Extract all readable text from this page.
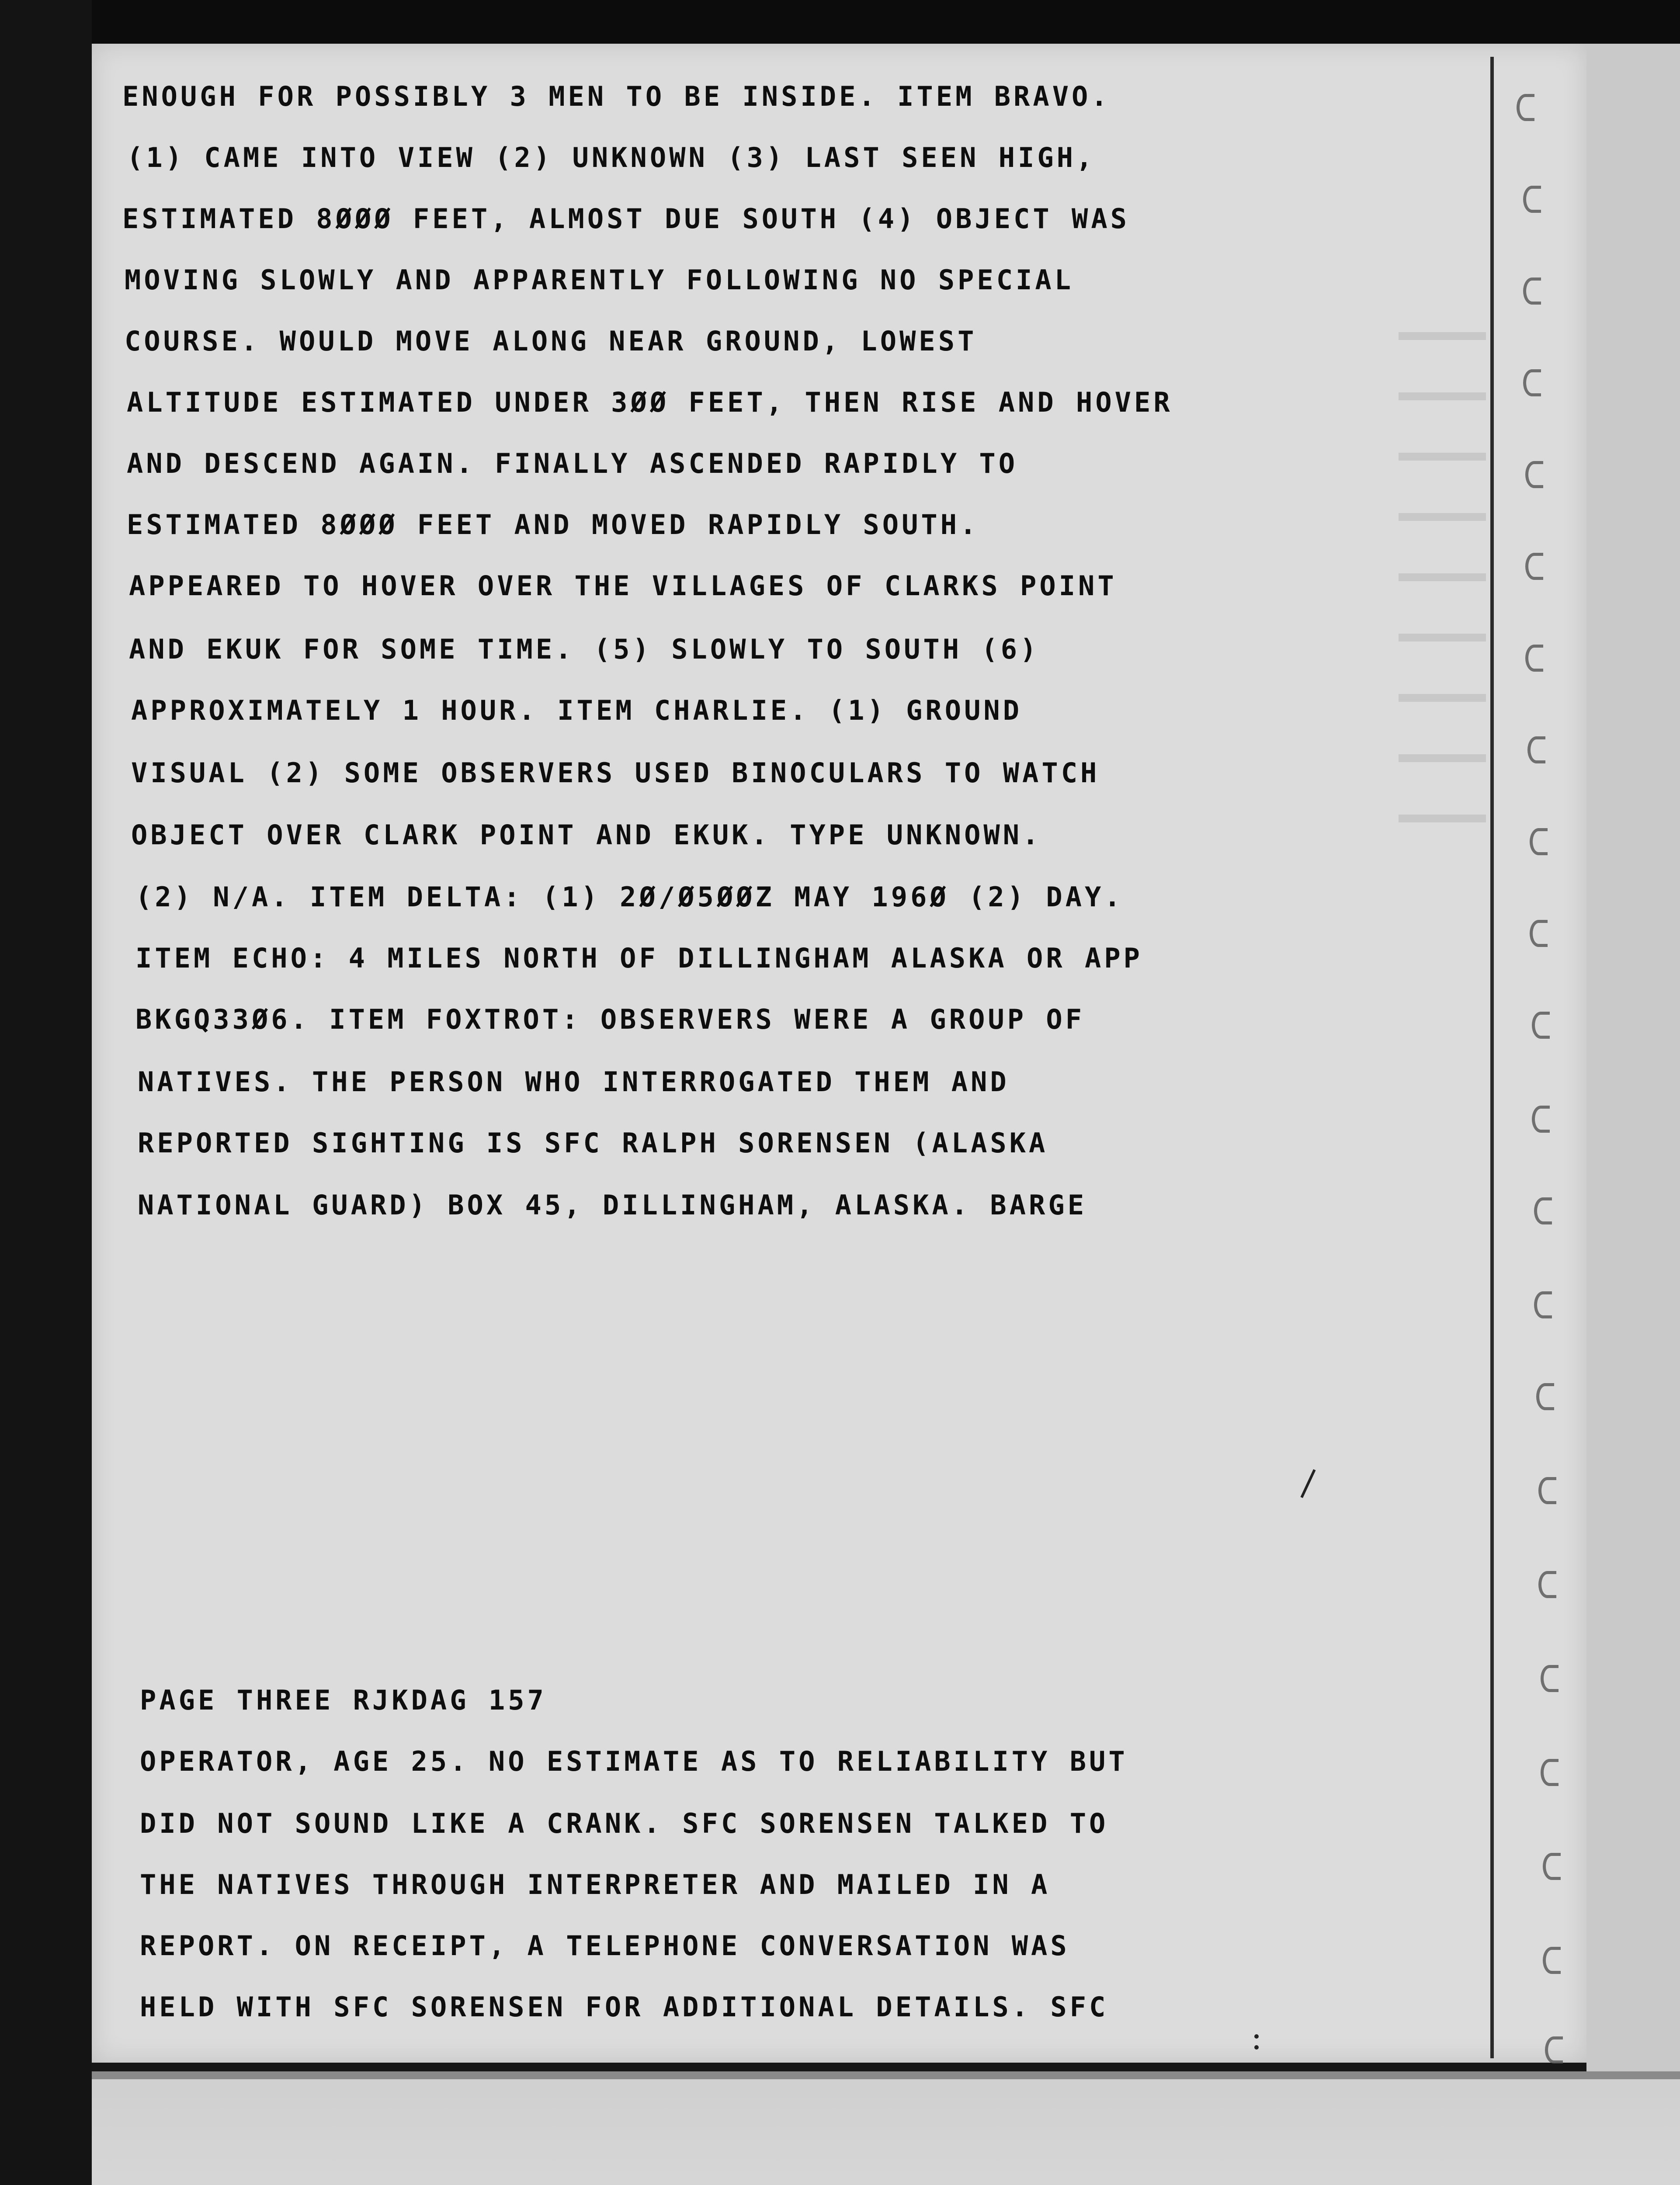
ENOUGH FOR POSSIBLY 3 MEN TO BE INSIDE. ITEM BRAVO.

(1) CAME INTO VIEW (2) UNKNOWN (3) LAST SEEN HIGH,

ESTIMATED 8ØØØ FEET, ALMOST DUE SOUTH (4) OBJECT WAS

MOVING SLOWLY AND APPARENTLY FOLLOWING NO SPECIAL

COURSE. WOULD MOVE ALONG NEAR GROUND, LOWEST

ALTITUDE ESTIMATED UNDER 3ØØ FEET, THEN RISE AND HOVER

AND DESCEND AGAIN. FINALLY ASCENDED RAPIDLY TO

ESTIMATED 8ØØØ FEET AND MOVED RAPIDLY SOUTH.

APPEARED TO HOVER OVER THE VILLAGES OF CLARKS POINT

AND EKUK FOR SOME TIME. (5) SLOWLY TO SOUTH (6)

APPROXIMATELY 1 HOUR. ITEM CHARLIE. (1) GROUND

VISUAL (2) SOME OBSERVERS USED BINOCULARS TO WATCH

OBJECT OVER CLARK POINT AND EKUK. TYPE UNKNOWN.

(2) N/A. ITEM DELTA: (1) 2Ø/Ø5ØØZ MAY 196Ø (2) DAY.

ITEM ECHO: 4 MILES NORTH OF DILLINGHAM ALASKA OR APP

BKGQ33Ø6. ITEM FOXTROT: OBSERVERS WERE A GROUP OF

NATIVES. THE PERSON WHO INTERROGATED THEM AND

REPORTED SIGHTING IS SFC RALPH SORENSEN (ALASKA

NATIONAL GUARD) BOX 45, DILLINGHAM, ALASKA. BARGE

PAGE THREE RJKDAG 157

OPERATOR, AGE 25. NO ESTIMATE AS TO RELIABILITY BUT

DID NOT SOUND LIKE A CRANK. SFC SORENSEN TALKED TO

THE NATIVES THROUGH INTERPRETER AND MAILED IN A

REPORT. ON RECEIPT, A TELEPHONE CONVERSATION WAS

HELD WITH SFC SORENSEN FOR ADDITIONAL DETAILS. SFC
